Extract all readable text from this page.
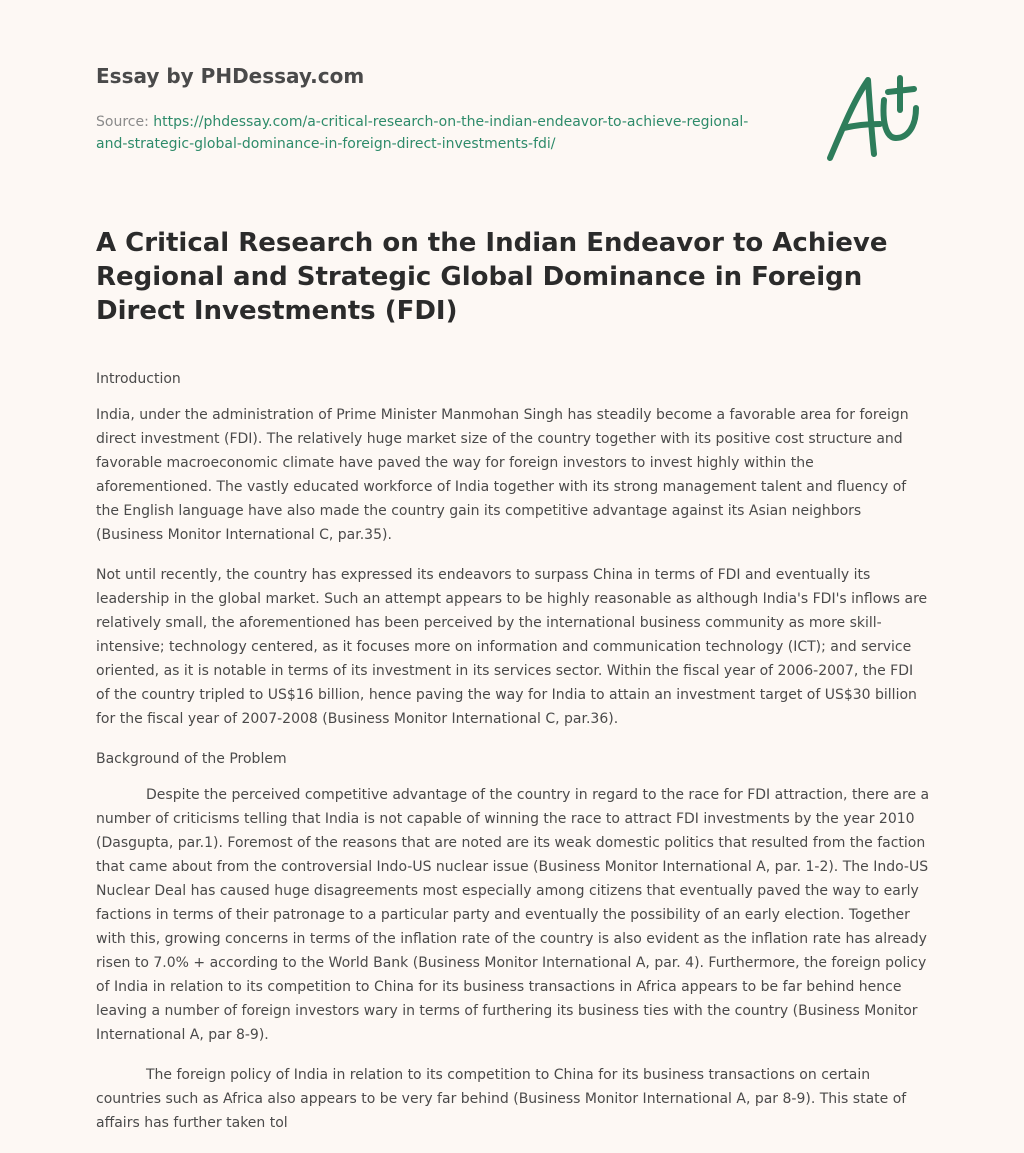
Essay by PHDessay.com
Source: https://phdessay.com/a-critical-research-on-the-indian-endeavor-to-achieve-regional-and-strategic-global-dominance-in-foreign-direct-investments-fdi/
A Critical Research on the Indian Endeavor to Achieve Regional and Strategic Global Dominance in Foreign Direct Investments (FDI)

Introduction

India, under the administration of Prime Minister Manmohan Singh has steadily become a favorable area for foreign direct investment (FDI). The relatively huge market size of the country together with its positive cost structure and favorable macroeconomic climate have paved the way for foreign investors to invest highly within the aforementioned. The vastly educated workforce of India together with its strong management talent and fluency of the English language have also made the country gain its competitive advantage against its Asian neighbors (Business Monitor International C, par.35).

Not until recently, the country has expressed its endeavors to surpass China in terms of FDI and eventually its leadership in the global market. Such an attempt appears to be highly reasonable as although India's FDI's inflows are relatively small, the aforementioned has been perceived by the international business community as more skill-intensive; technology centered, as it focuses more on information and communication technology (ICT); and service oriented, as it is notable in terms of its investment in its services sector. Within the fiscal year of 2006-2007, the FDI of the country tripled to US$16 billion, hence paving the way for India to attain an investment target of US$30 billion for the fiscal year of 2007-2008 (Business Monitor International C, par.36).

Background of the Problem

Despite the perceived competitive advantage of the country in regard to the race for FDI attraction, there are a number of criticisms telling that India is not capable of winning the race to attract FDI investments by the year 2010 (Dasgupta, par.1). Foremost of the reasons that are noted are its weak domestic politics that resulted from the faction that came about from the controversial Indo-US nuclear issue (Business Monitor International A, par. 1-2). The Indo-US Nuclear Deal has caused huge disagreements most especially among citizens that eventually paved the way to early factions in terms of their patronage to a particular party and eventually the possibility of an early election. Together with this, growing concerns in terms of the inflation rate of the country is also evident as the inflation rate has already risen to 7.0% + according to the World Bank (Business Monitor International A, par. 4). Furthermore, the foreign policy of India in relation to its competition to China for its business transactions in Africa appears to be far behind hence leaving a number of foreign investors wary in terms of furthering its business ties with the country (Business Monitor International A, par 8-9).

The foreign policy of India in relation to its competition to China for its business transactions on certain countries such as Africa also appears to be very far behind (Business Monitor International A, par 8-9). This state of affairs has further taken tol
